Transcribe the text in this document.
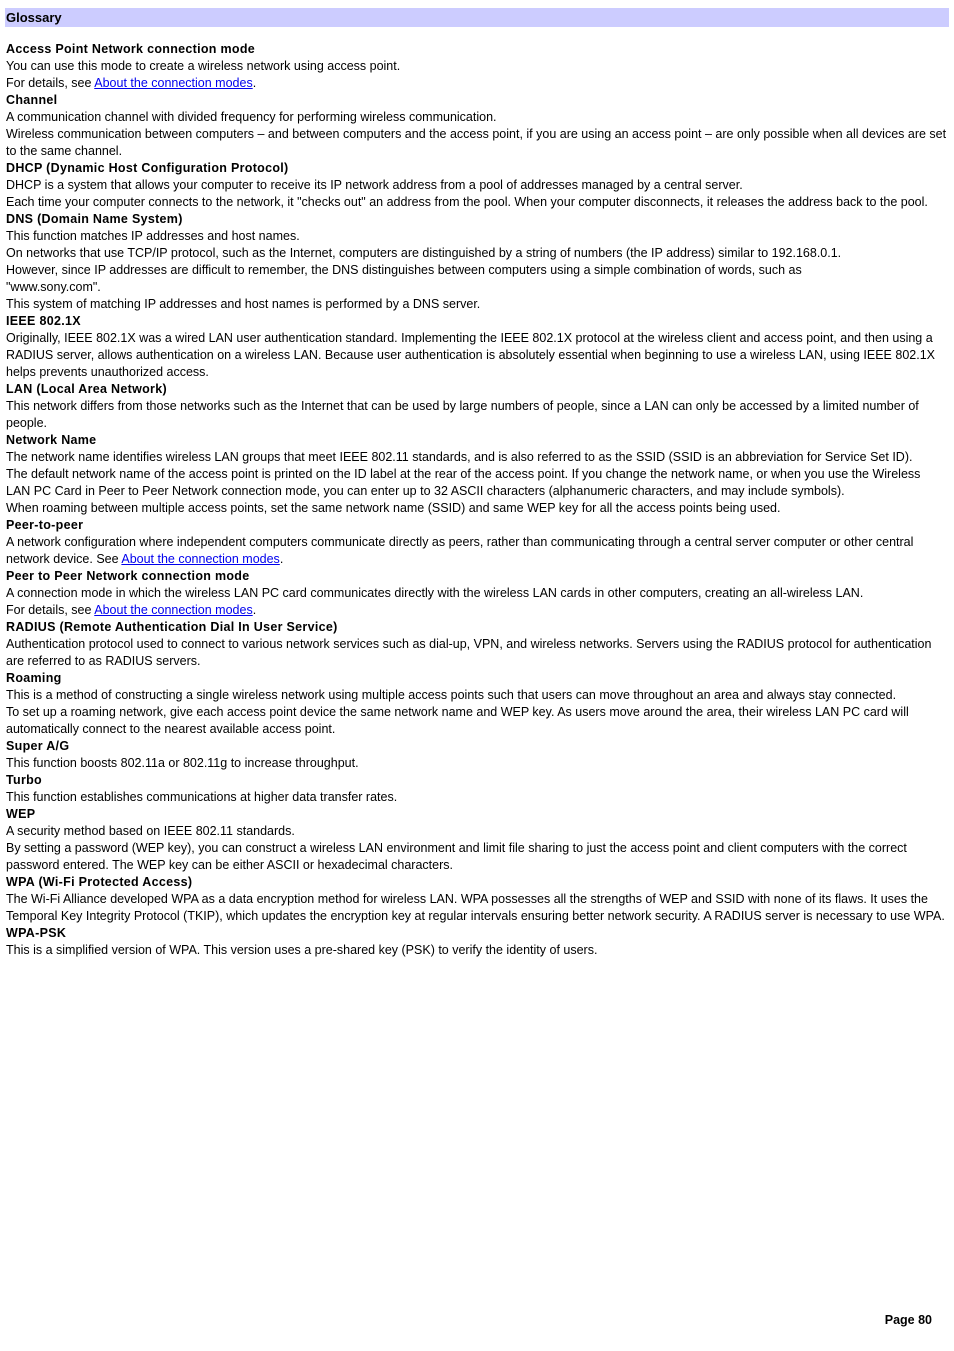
Glossary
Access Point Network connection mode
You can use this mode to create a wireless network using access point.
For details, see About the connection modes.
Channel
A communication channel with divided frequency for performing wireless communication.
Wireless communication between computers – and between computers and the access point, if you are using an access point – are only possible when all devices are set to the same channel.
DHCP (Dynamic Host Configuration Protocol)
DHCP is a system that allows your computer to receive its IP network address from a pool of addresses managed by a central server.
Each time your computer connects to the network, it "checks out" an address from the pool. When your computer disconnects, it releases the address back to the pool.
DNS (Domain Name System)
This function matches IP addresses and host names.
On networks that use TCP/IP protocol, such as the Internet, computers are distinguished by a string of numbers (the IP address) similar to 192.168.0.1.
However, since IP addresses are difficult to remember, the DNS distinguishes between computers using a simple combination of words, such as
"www.sony.com".
This system of matching IP addresses and host names is performed by a DNS server.
IEEE 802.1X
Originally, IEEE 802.1X was a wired LAN user authentication standard. Implementing the IEEE 802.1X protocol at the wireless client and access point, and then using a RADIUS server, allows authentication on a wireless LAN. Because user authentication is absolutely essential when beginning to use a wireless LAN, using IEEE 802.1X helps prevents unauthorized access.
LAN (Local Area Network)
This network differs from those networks such as the Internet that can be used by large numbers of people, since a LAN can only be accessed by a limited number of people.
Network Name
The network name identifies wireless LAN groups that meet IEEE 802.11 standards, and is also referred to as the SSID (SSID is an abbreviation for Service Set ID).
The default network name of the access point is printed on the ID label at the rear of the access point. If you change the network name, or when you use the Wireless LAN PC Card in Peer to Peer Network connection mode, you can enter up to 32 ASCII characters (alphanumeric characters, and may include symbols).
When roaming between multiple access points, set the same network name (SSID) and same WEP key for all the access points being used.
Peer-to-peer
A network configuration where independent computers communicate directly as peers, rather than communicating through a central server computer or other central network device. See About the connection modes.
Peer to Peer Network connection mode
A connection mode in which the wireless LAN PC card communicates directly with the wireless LAN cards in other computers, creating an all-wireless LAN.
For details, see About the connection modes.
RADIUS (Remote Authentication Dial In User Service)
Authentication protocol used to connect to various network services such as dial-up, VPN, and wireless networks. Servers using the RADIUS protocol for authentication are referred to as RADIUS servers.
Roaming
This is a method of constructing a single wireless network using multiple access points such that users can move throughout an area and always stay connected.
To set up a roaming network, give each access point device the same network name and WEP key. As users move around the area, their wireless LAN PC card will automatically connect to the nearest available access point.
Super A/G
This function boosts 802.11a or 802.11g to increase throughput.
Turbo
This function establishes communications at higher data transfer rates.
WEP
A security method based on IEEE 802.11 standards.
By setting a password (WEP key), you can construct a wireless LAN environment and limit file sharing to just the access point and client computers with the correct password entered. The WEP key can be either ASCII or hexadecimal characters.
WPA (Wi-Fi Protected Access)
The Wi-Fi Alliance developed WPA as a data encryption method for wireless LAN. WPA possesses all the strengths of WEP and SSID with none of its flaws. It uses the Temporal Key Integrity Protocol (TKIP), which updates the encryption key at regular intervals ensuring better network security. A RADIUS server is necessary to use WPA.
WPA-PSK
This is a simplified version of WPA. This version uses a pre-shared key (PSK) to verify the identity of users.
Page 80
